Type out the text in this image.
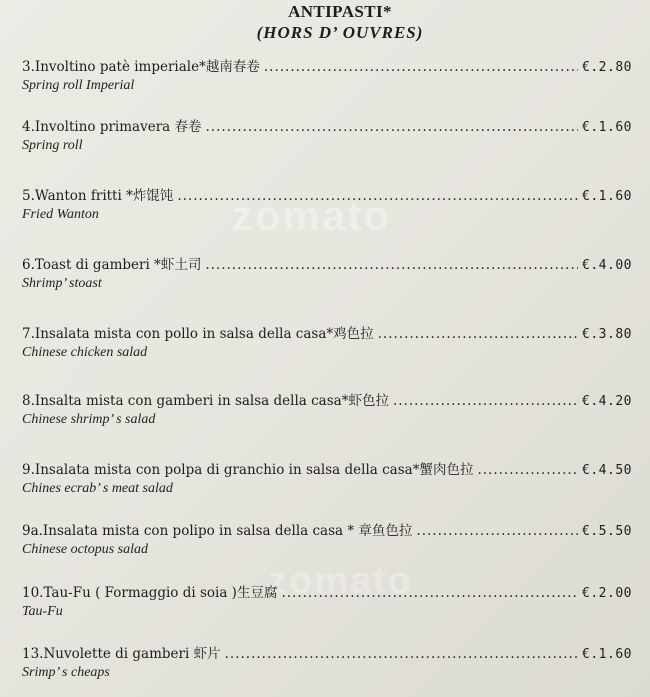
zomato
zomato
ANTIPASTI*
(HORS D’ OUVRES)
3.Involtino patè imperiale*越南春卷 .....	€.2.80
Spring roll Imperial
4.Involtino primavera 春卷 .....	€.1.60
Spring roll
5.Wanton fritti *炸馄饨 .....	€.1.60
Fried Wanton
6.Toast di gamberi *虾土司 .....	€.4.00
Shrimp’ stoast
7.Insalata mista con pollo in salsa della casa*鸡色拉 .....	€.3.80
Chinese chicken salad
8.Insalta mista con gamberi in salsa della casa*虾色拉 .....	€.4.20
Chinese shrimp’ s salad
9.Insalata mista con polpa di granchio in salsa della casa*蟹肉色拉 .....	€.4.50
Chines ecrab’ s meat salad
9a.Insalata mista con polipo in salsa della casa * 章鱼色拉 .....	€.5.50
Chinese octopus salad
10.Tau-Fu ( Formaggio di soia )生豆腐 .....	€.2.00
Tau-Fu
13.Nuvolette di gamberi 虾片 .....	€.1.60
Srimp’ s cheaps
